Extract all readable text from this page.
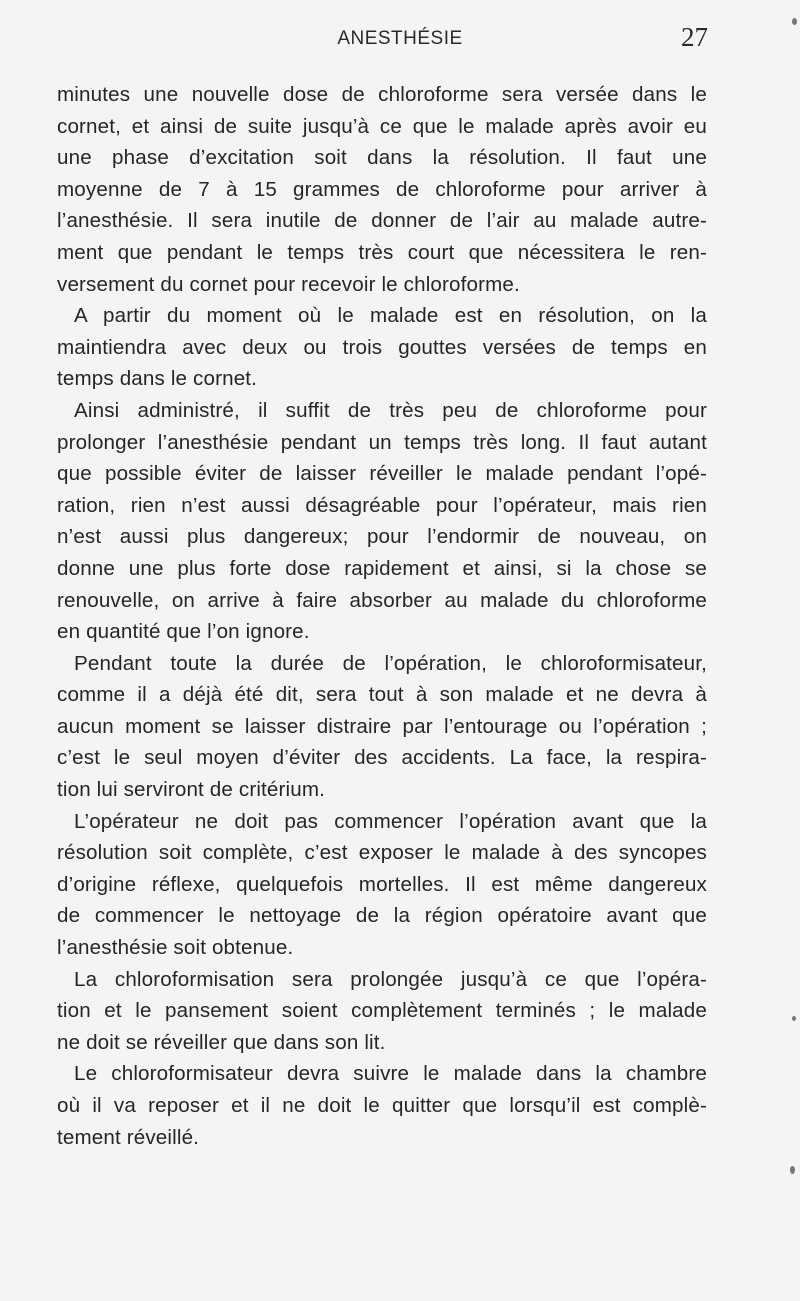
ANESTHÉSIE	27

minutes une nouvelle dose de chloroforme sera versée dans le

cornet, et ainsi de suite jusqu’à ce que le malade après avoir eu

une phase d’excitation soit dans la résolution. Il faut une

moyenne de 7 à 15 grammes de chloroforme pour arriver à

l’anesthésie. Il sera inutile de donner de l’air au malade autre-

ment que pendant le temps très court que nécessitera le ren-

versement du cornet pour recevoir le chloroforme.

A partir du moment où le malade est en résolution, on la

maintiendra avec deux ou trois gouttes versées de temps en

temps dans le cornet.

Ainsi administré, il suffit de très peu de chloroforme pour

prolonger l’anesthésie pendant un temps très long. Il faut autant

que possible éviter de laisser réveiller le malade pendant l’opé-

ration, rien n’est aussi désagréable pour l’opérateur, mais rien

n’est aussi plus dangereux; pour l’endormir de nouveau, on

donne une plus forte dose rapidement et ainsi, si la chose se

renouvelle, on arrive à faire absorber au malade du chloroforme

en quantité que l’on ignore.

Pendant toute la durée de l’opération, le chloroformisateur,

comme il a déjà été dit, sera tout à son malade et ne devra à

aucun moment se laisser distraire par l’entourage ou l’opération ;

c’est le seul moyen d’éviter des accidents. La face, la respira-

tion lui serviront de critérium.

L’opérateur ne doit pas commencer l’opération avant que la

résolution soit complète, c’est exposer le malade à des syncopes

d’origine réflexe, quelquefois mortelles. Il est même dangereux

de commencer le nettoyage de la région opératoire avant que

l’anesthésie soit obtenue.

La chloroformisation sera prolongée jusqu’à ce que l’opéra-

tion et le pansement soient complètement terminés ; le malade

ne doit se réveiller que dans son lit.

Le chloroformisateur devra suivre le malade dans la chambre

où il va reposer et il ne doit le quitter que lorsqu’il est complè-

tement réveillé.
